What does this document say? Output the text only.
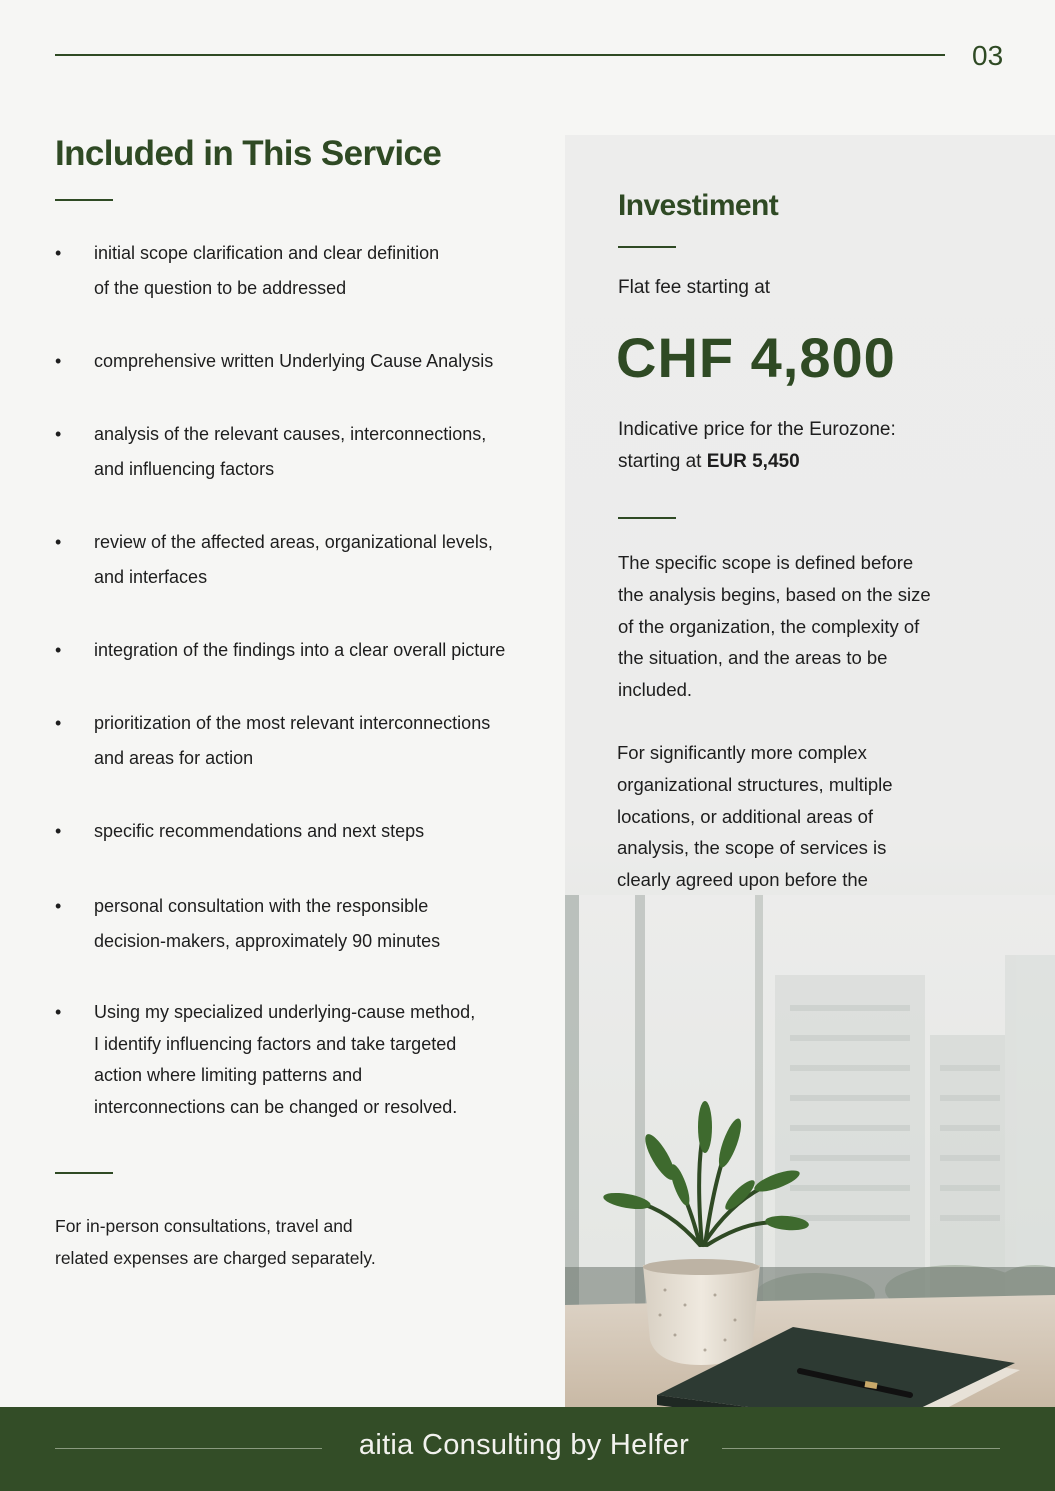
03
Included in This Service
• initial scope clarification and clear definition
of the question to be addressed
• comprehensive written Underlying Cause Analysis
• analysis of the relevant causes, interconnections,
and influencing factors
• review of the affected areas, organizational levels,
and interfaces
• integration of the findings into a clear overall picture
• prioritization of the most relevant interconnections
and areas for action
• specific recommendations and next steps
• personal consultation with the responsible
decision-makers, approximately 90 minutes
• Using my specialized underlying-cause method,
I identify influencing factors and take targeted
action where limiting patterns and
interconnections can be changed or resolved.

For in-person consultations, travel and
related expenses are charged separately.

Investiment
Flat fee starting at
CHF 4,800
Indicative price for the Eurozone:
starting at EUR 5,450

The specific scope is defined before
the analysis begins, based on the size
of the organization, the complexity of
the situation, and the areas to be
included.

For significantly more complex
organizational structures, multiple
locations, or additional areas of
analysis, the scope of services is
clearly agreed upon before the

aitia Consulting by Helfer
